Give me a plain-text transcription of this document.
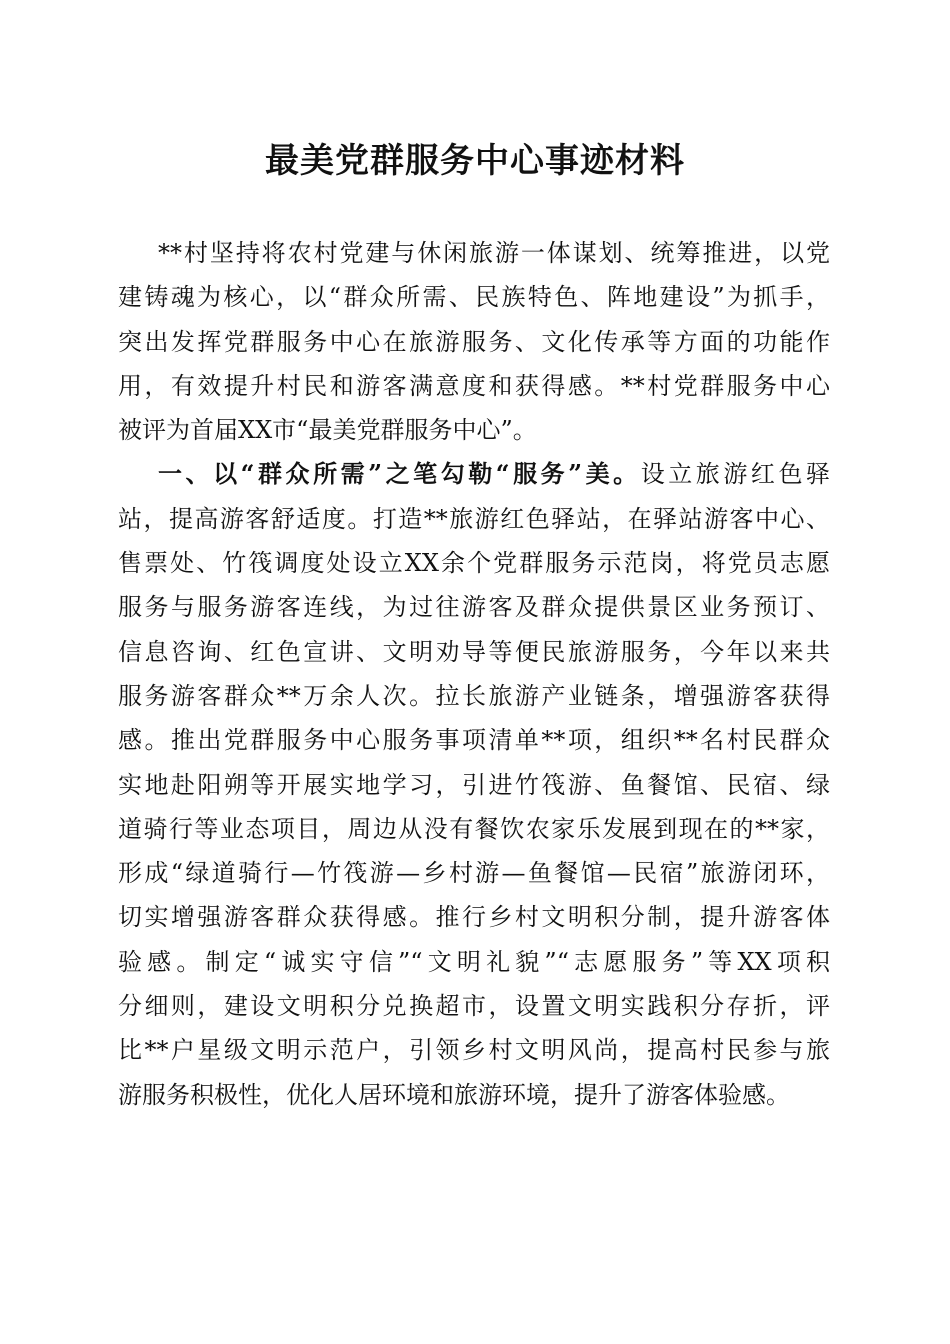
最美党群服务中心事迹材料
**村坚持将农村党建与休闲旅游一体谋划、统筹推进，以党
建铸魂为核心，以“群众所需、民族特色、阵地建设”为抓手，
突出发挥党群服务中心在旅游服务、文化传承等方面的功能作
用，有效提升村民和游客满意度和获得感。**村党群服务中心
被评为首届XX市“最美党群服务中心”。
一、以“群众所需”之笔勾勒“服务”美。设立旅游红色驿
站，提高游客舒适度。打造**旅游红色驿站，在驿站游客中心、
售票处、竹筏调度处设立XX余个党群服务示范岗，将党员志愿
服务与服务游客连线，为过往游客及群众提供景区业务预订、
信息咨询、红色宣讲、文明劝导等便民旅游服务，今年以来共
服务游客群众**万余人次。拉长旅游产业链条，增强游客获得
感。推出党群服务中心服务事项清单**项，组织**名村民群众
实地赴阳朔等开展实地学习，引进竹筏游、鱼餐馆、民宿、绿
道骑行等业态项目，周边从没有餐饮农家乐发展到现在的**家，
形成“绿道骑行—竹筏游—乡村游—鱼餐馆—民宿”旅游闭环，
切实增强游客群众获得感。推行乡村文明积分制，提升游客体
验感。制定“诚实守信”“文明礼貌”“志愿服务”等XX项积
分细则，建设文明积分兑换超市，设置文明实践积分存折，评
比**户星级文明示范户，引领乡村文明风尚，提高村民参与旅
游服务积极性，优化人居环境和旅游环境，提升了游客体验感。
